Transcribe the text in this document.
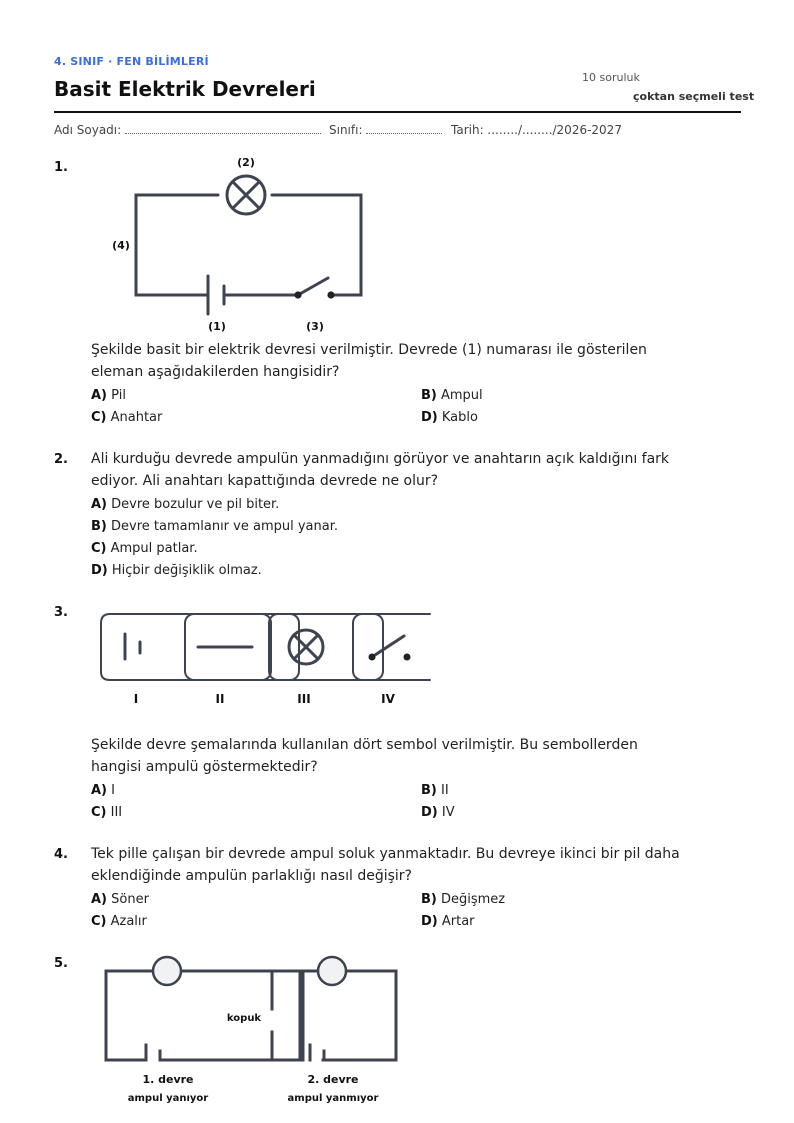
4. SINIF · FEN BİLİMLERİ
Basit Elektrik Devreleri	10 soruluk
çoktan seçmeli test
Adı Soyadı:	Sınıfı:	Tarih: ......../......../2026-2027
1.
(1)
(2)
(3)
(4)
Şekilde basit bir elektrik devresi verilmiştir. Devrede (1) numarası ile gösterilen eleman aşağıdakilerden hangisidir?
A) Pil	B) Ampul
C) Anahtar	D) Kablo
2. Ali kurduğu devrede ampulün yanmadığını görüyor ve anahtarın açık kaldığını fark ediyor. Ali anahtarı kapattığında devrede ne olur?
A) Devre bozulur ve pil biter.
B) Devre tamamlanır ve ampul yanar.
C) Ampul patlar.
D) Hiçbir değişiklik olmaz.
3.
I	II	III	IV
Şekilde devre şemalarında kullanılan dört sembol verilmiştir. Bu sembollerden hangisi ampulü göstermektedir?
A) I	B) II
C) III	D) IV
4. Tek pille çalışan bir devrede ampul soluk yanmaktadır. Bu devreye ikinci bir pil daha eklendiğinde ampulün parlaklığı nasıl değişir?
A) Söner	B) Değişmez
C) Azalır	D) Artar
5.
kopuk
1. devre
ampul yanıyor
2. devre
ampul yanmıyor
